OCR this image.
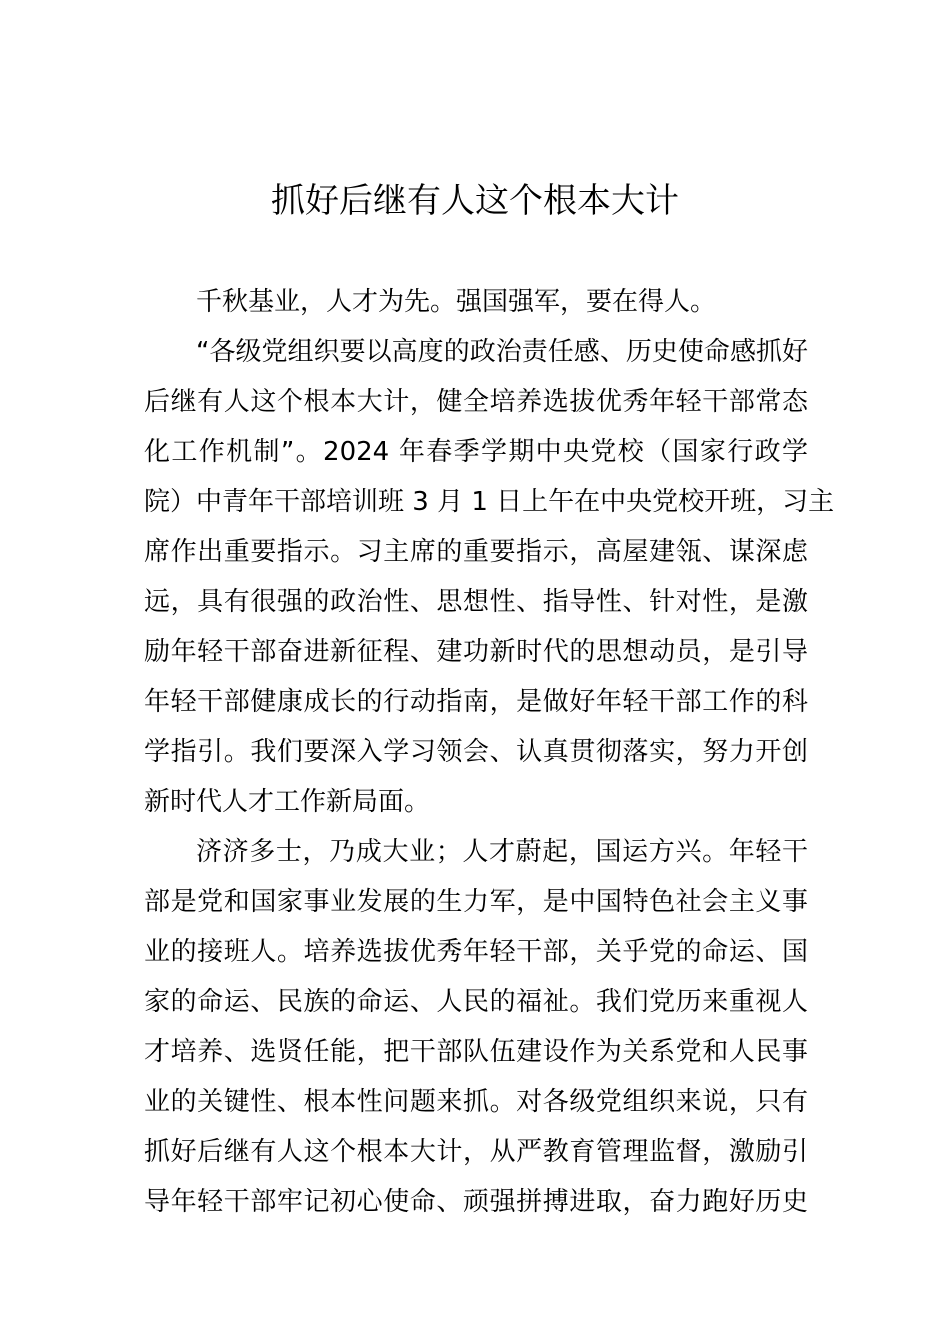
抓好后继有人这个根本大计

千秋基业，人才为先。强国强军，要在得人。

“各级党组织要以高度的政治责任感、历史使命感抓好
后继有人这个根本大计，健全培养选拔优秀年轻干部常态
化工作机制”。2024 年春季学期中央党校（国家行政学
院）中青年干部培训班 3 月 1 日上午在中央党校开班，习主
席作出重要指示。习主席的重要指示，高屋建瓴、谋深虑
远，具有很强的政治性、思想性、指导性、针对性，是激
励年轻干部奋进新征程、建功新时代的思想动员，是引导
年轻干部健康成长的行动指南，是做好年轻干部工作的科
学指引。我们要深入学习领会、认真贯彻落实，努力开创
新时代人才工作新局面。

济济多士，乃成大业；人才蔚起，国运方兴。年轻干
部是党和国家事业发展的生力军，是中国特色社会主义事
业的接班人。培养选拔优秀年轻干部，关乎党的命运、国
家的命运、民族的命运、人民的福祉。我们党历来重视人
才培养、选贤任能，把干部队伍建设作为关系党和人民事
业的关键性、根本性问题来抓。对各级党组织来说，只有
抓好后继有人这个根本大计，从严教育管理监督，激励引
导年轻干部牢记初心使命、顽强拼搏进取，奋力跑好历史
